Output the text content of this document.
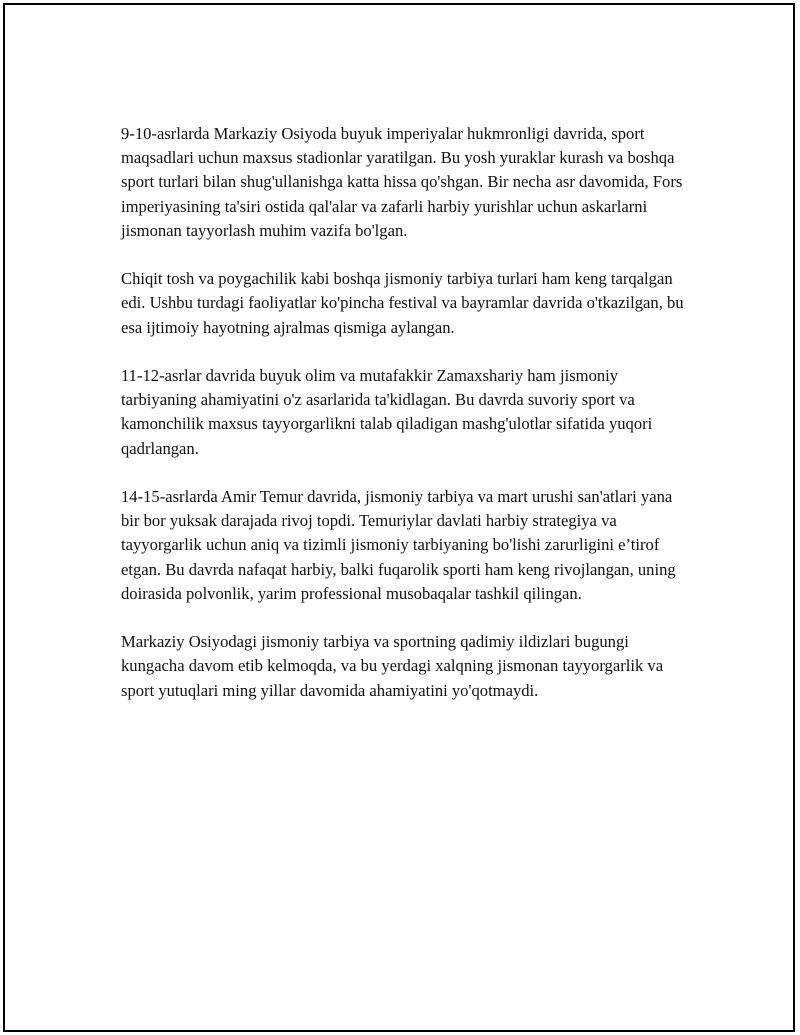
9-10-asrlarda Markaziy Osiyoda buyuk imperiyalar hukmronligi davrida, sport maqsadlari uchun maxsus stadionlar yaratilgan. Bu yosh yuraklar kurash va boshqa sport turlari bilan shug'ullanishga katta hissa qo'shgan. Bir necha asr davomida, Fors imperiyasining ta'siri ostida qal'alar va zafarli harbiy yurishlar uchun askarlarni jismonan tayyorlash muhim vazifa bo'lgan.

Chiqit tosh va poygachilik kabi boshqa jismoniy tarbiya turlari ham keng tarqalgan edi. Ushbu turdagi faoliyatlar ko'pincha festival va bayramlar davrida o'tkazilgan, bu esa ijtimoiy hayotning ajralmas qismiga aylangan.

11-12-asrlar davrida buyuk olim va mutafakkir Zamaxshariy ham jismoniy tarbiyaning ahamiyatini o'z asarlarida ta'kidlagan. Bu davrda suvoriy sport va kamonchilik maxsus tayyorgarlikni talab qiladigan mashg'ulotlar sifatida yuqori qadrlangan.

14-15-asrlarda Amir Temur davrida, jismoniy tarbiya va mart urushi san'atlari yana bir bor yuksak darajada rivoj topdi. Temuriylar davlati harbiy strategiya va tayyorgarlik uchun aniq va tizimli jismoniy tarbiyaning bo'lishi zarurligini e’tirof etgan. Bu davrda nafaqat harbiy, balki fuqarolik sporti ham keng rivojlangan, uning doirasida polvonlik, yarim professional musobaqalar tashkil qilingan.

Markaziy Osiyodagi jismoniy tarbiya va sportning qadimiy ildizlari bugungi kungacha davom etib kelmoqda, va bu yerdagi xalqning jismonan tayyorgarlik va sport yutuqlari ming yillar davomida ahamiyatini yo'qotmaydi.
